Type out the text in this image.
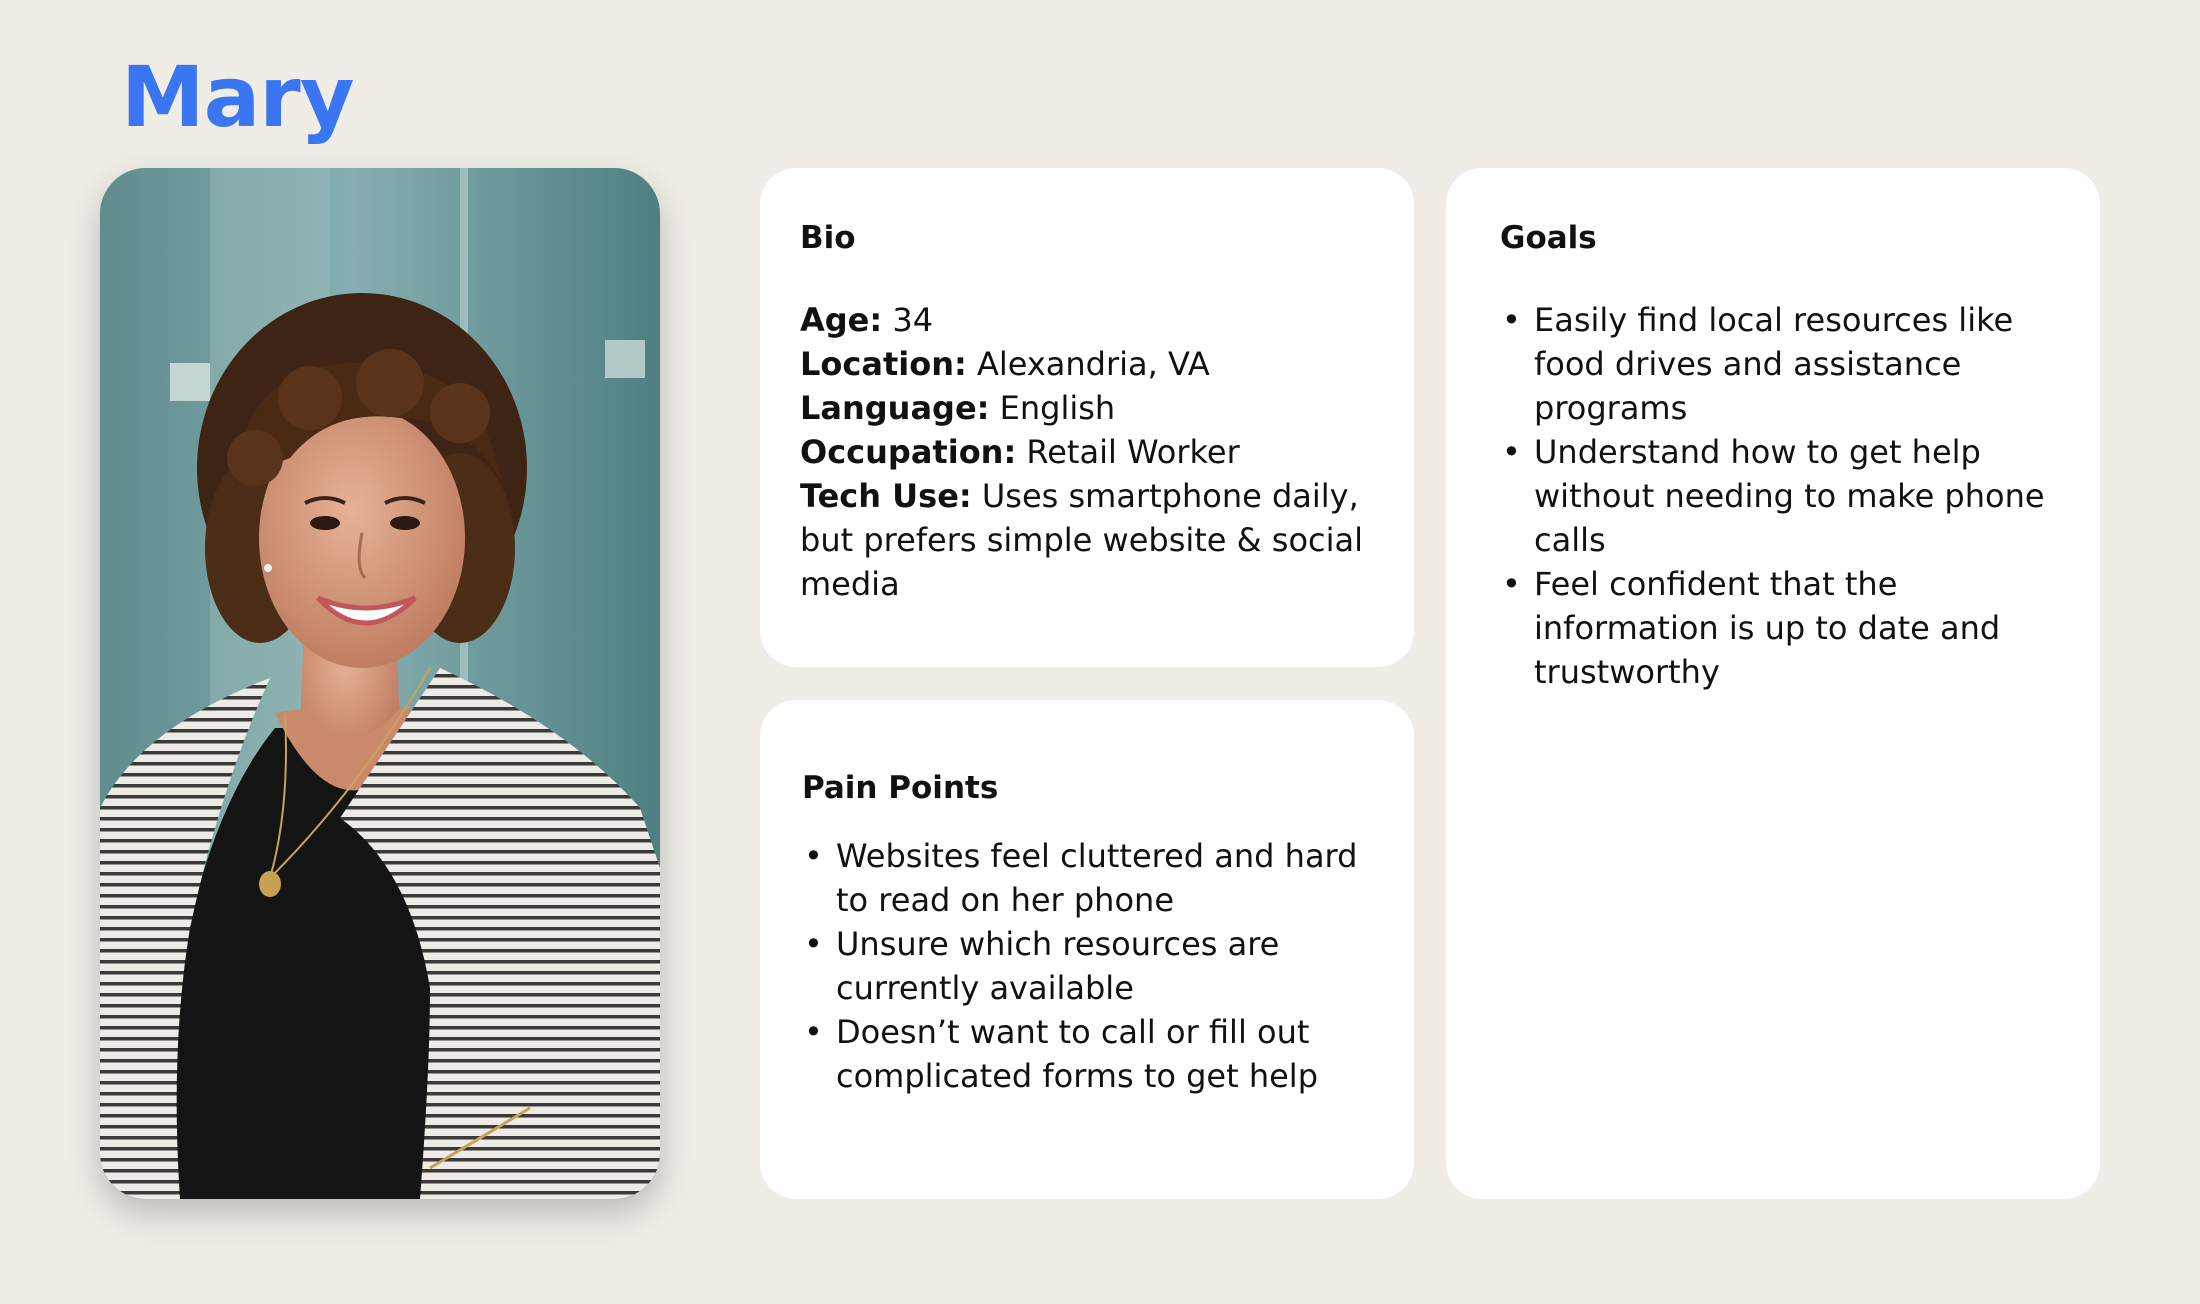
Mary
Bio
Age: 34
Location: Alexandria, VA
Language: English
Occupation: Retail Worker
Tech Use: Uses smartphone daily, but prefers simple website & social media
Pain Points
• Websites feel cluttered and hard to read on her phone
• Unsure which resources are currently available
• Doesn’t want to call or fill out complicated forms to get help
Goals
• Easily find local resources like food drives and assistance programs
• Understand how to get help without needing to make phone calls
• Feel confident that the information is up to date and trustworthy
